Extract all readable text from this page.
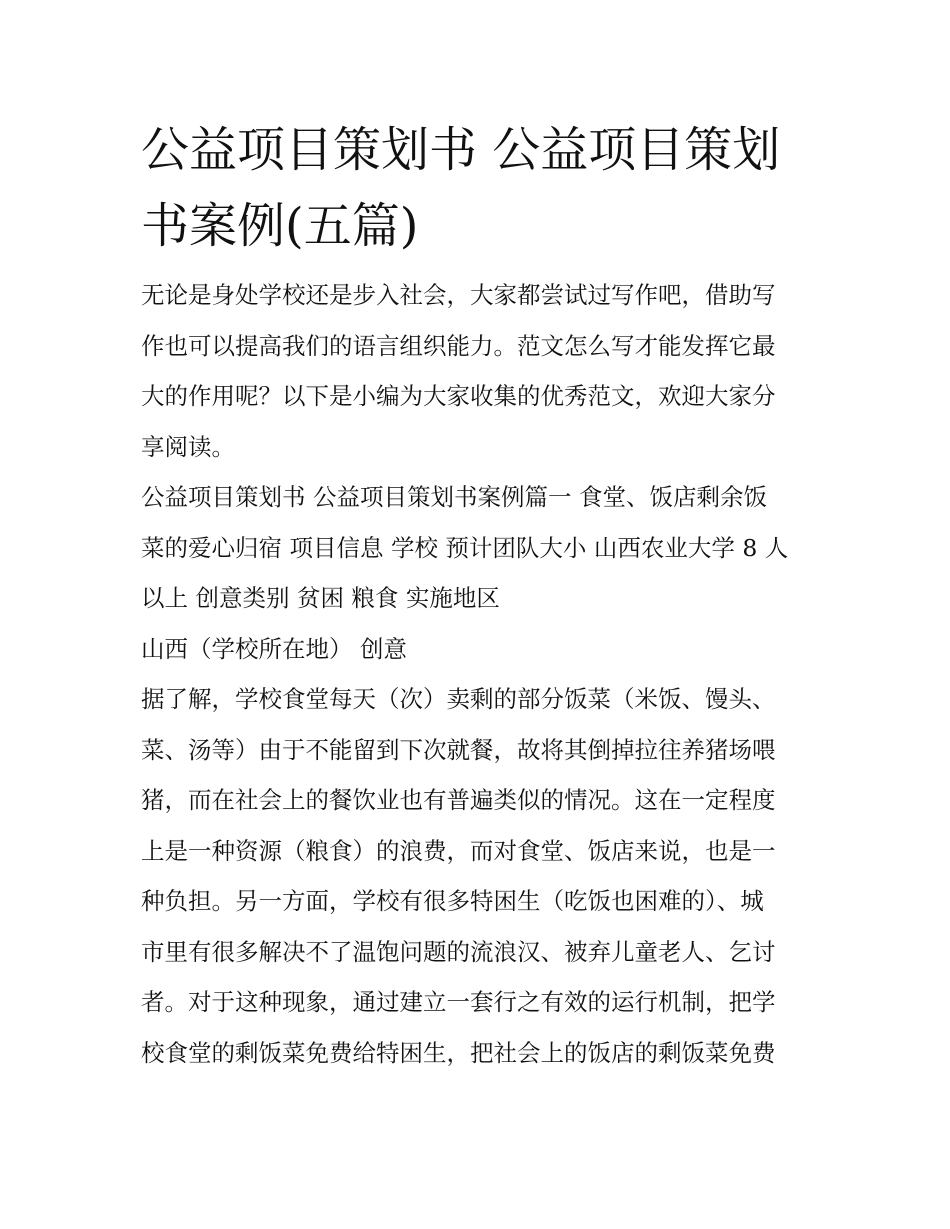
公益项目策划书 公益项目策划
书案例(五篇)

无论是身处学校还是步入社会，大家都尝试过写作吧，借助写
作也可以提高我们的语言组织能力。范文怎么写才能发挥它最
大的作用呢？以下是小编为大家收集的优秀范文，欢迎大家分
享阅读。

公益项目策划书 公益项目策划书案例篇一 食堂、饭店剩余饭
菜的爱心归宿 项目信息 学校 预计团队大小 山西农业大学 8 人
以上 创意类别 贫困 粮食 实施地区

山西（学校所在地） 创意

据了解，学校食堂每天（次）卖剩的部分饭菜（米饭、馒头、
菜、汤等）由于不能留到下次就餐，故将其倒掉拉往养猪场喂
猪，而在社会上的餐饮业也有普遍类似的情况。这在一定程度
上是一种资源（粮食）的浪费，而对食堂、饭店来说，也是一
种负担。另一方面，学校有很多特困生（吃饭也困难的）、城
市里有很多解决不了温饱问题的流浪汉、被弃儿童老人、乞讨
者。对于这种现象，通过建立一套行之有效的运行机制，把学
校食堂的剩饭菜免费给特困生，把社会上的饭店的剩饭菜免费
